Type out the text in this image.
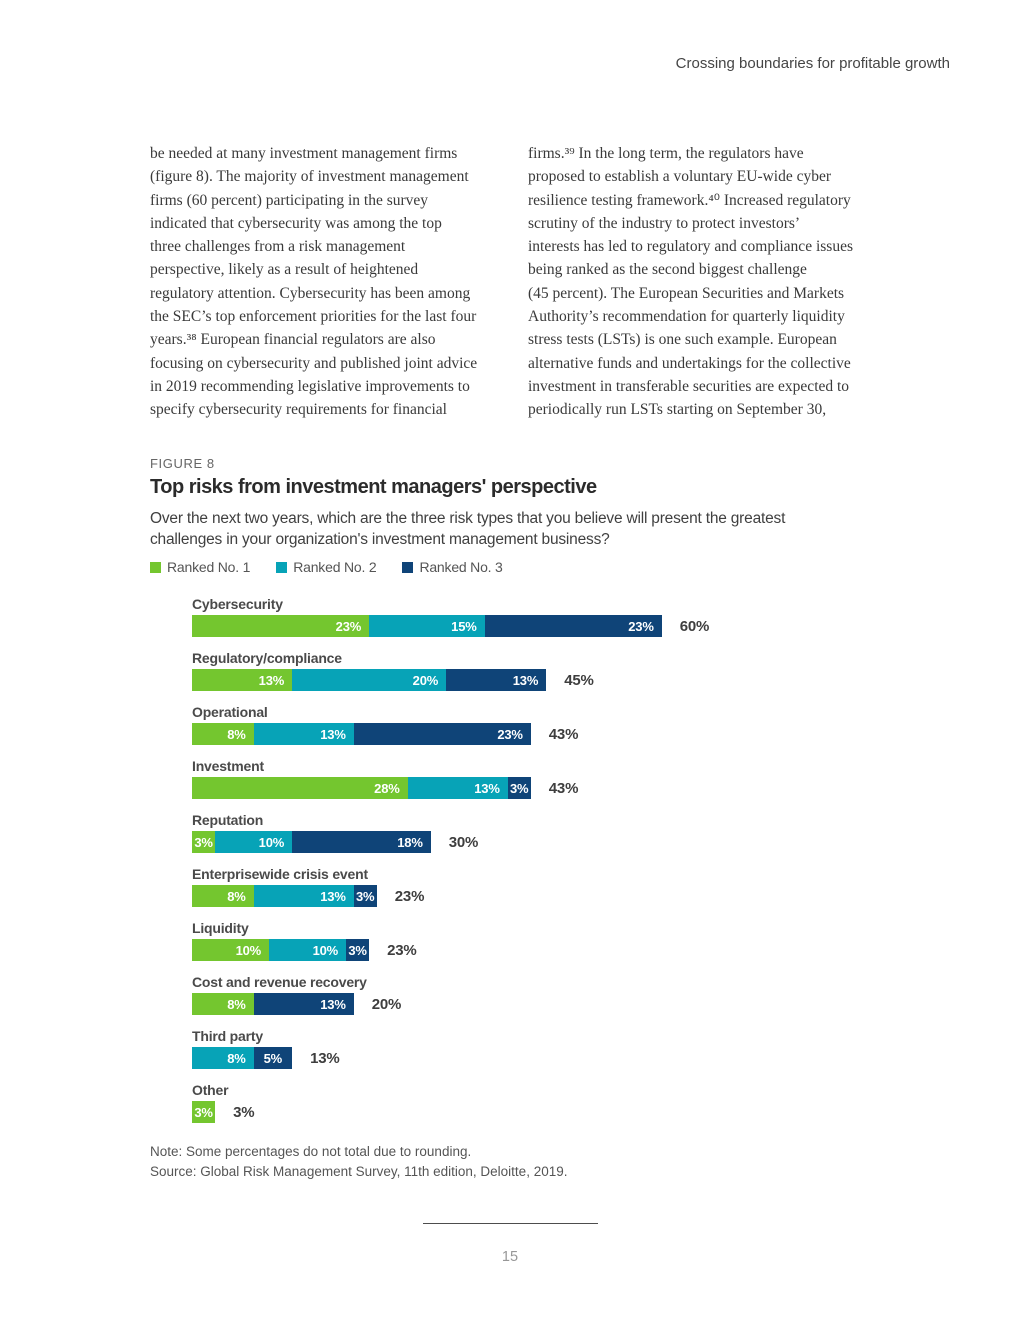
Crossing boundaries for profitable growth
be needed at many investment management firms
(figure 8). The majority of investment management
firms (60 percent) participating in the survey
indicated that cybersecurity was among the top
three challenges from a risk management
perspective, likely as a result of heightened
regulatory attention. Cybersecurity has been among
the SEC’s top enforcement priorities for the last four
years.³⁸ European financial regulators are also
focusing on cybersecurity and published joint advice
in 2019 recommending legislative improvements to
specify cybersecurity requirements for financial
firms.³⁹ In the long term, the regulators have
proposed to establish a voluntary EU-wide cyber
resilience testing framework.⁴⁰ Increased regulatory
scrutiny of the industry to protect investors’
interests has led to regulatory and compliance issues
being ranked as the second biggest challenge
(45 percent). The European Securities and Markets
Authority’s recommendation for quarterly liquidity
stress tests (LSTs) is one such example. European
alternative funds and undertakings for the collective
investment in transferable securities are expected to
periodically run LSTs starting on September 30,
FIGURE 8
Top risks from investment managers' perspective
Over the next two years, which are the three risk types that you believe will present the greatest
challenges in your organization's investment management business?
Ranked No. 1	Ranked No. 2	Ranked No. 3
Cybersecurity
23%	15%	23%	60%
Regulatory/compliance
13%	20%	13%	45%
Operational
8%	13%	23%	43%
Investment
28%	13% 3% 43%
Reputation
3%	10%	18%	30%
Enterprisewide crisis event
8%	13% 3% 23%
Liquidity
10%	10% 3% 23%
Cost and revenue recovery
8%	13%	20%
Third party
8%	5%	13%
Other
3% 3%
Note: Some percentages do not total due to rounding.
Source: Global Risk Management Survey, 11th edition, Deloitte, 2019.
15
